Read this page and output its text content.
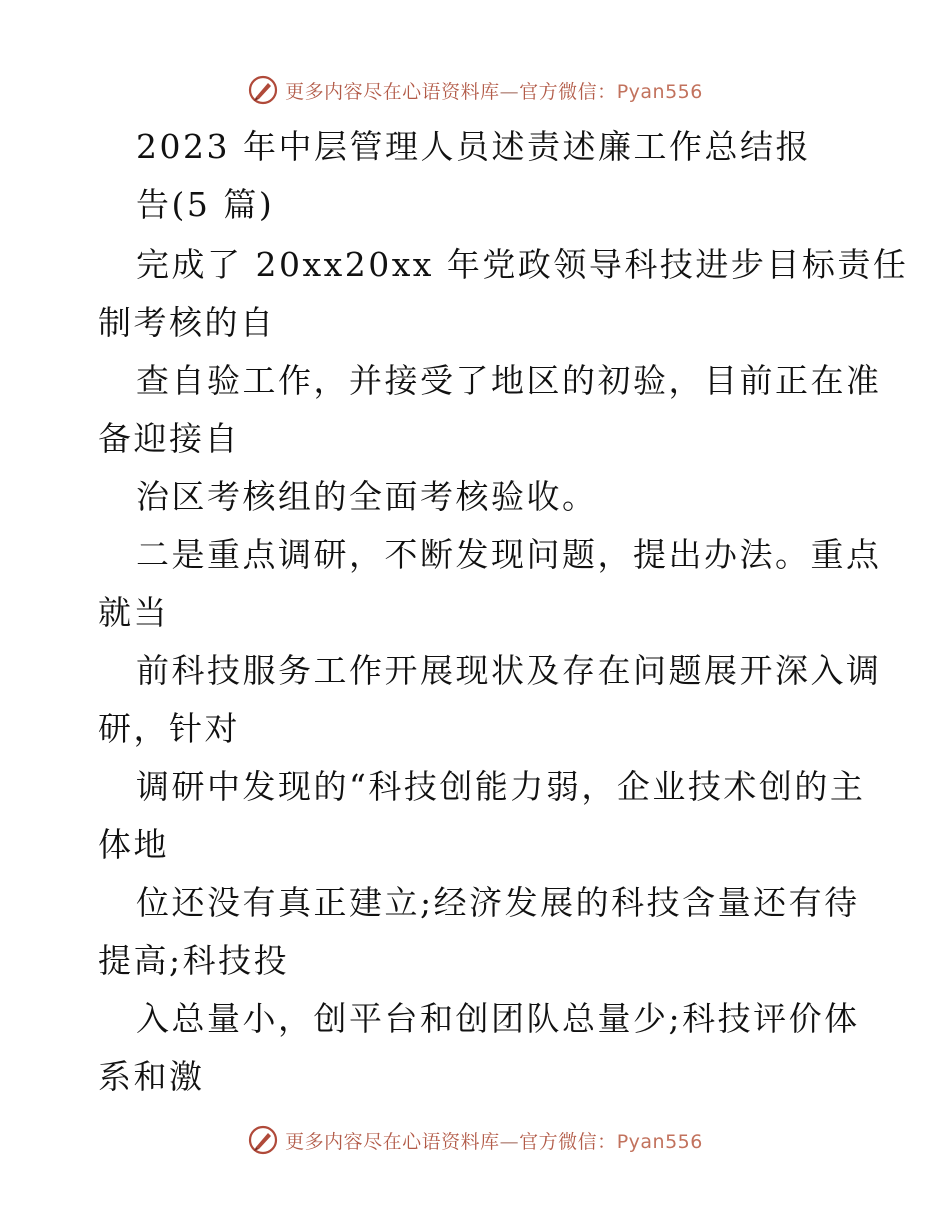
更多内容尽在心语资料库—官方微信：Pyan556
2023 年中层管理人员述责述廉工作总结报
告(5 篇)
完成了 20xx20xx 年党政领导科技进步目标责任
制考核的自
查自验工作，并接受了地区的初验，目前正在准
备迎接自
治区考核组的全面考核验收。
二是重点调研，不断发现问题，提出办法。重点
就当
前科技服务工作开展现状及存在问题展开深入调
研，针对
调研中发现的“科技创能力弱，企业技术创的主
体地
位还没有真正建立;经济发展的科技含量还有待
提高;科技投
入总量小，创平台和创团队总量少;科技评价体
系和激
更多内容尽在心语资料库—官方微信：Pyan556
